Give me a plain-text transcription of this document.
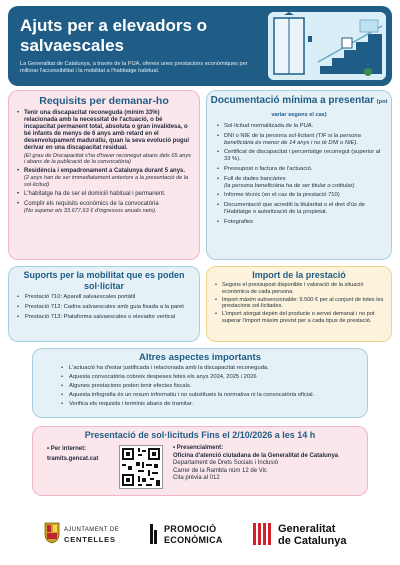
Ajuts per a elevadors o salvaescales
La Generalitat de Catalunya, a través de la PUA, ofereix unes prestacions econòmiques per millorar l'accessibilitat i la mobilitat a l'habitatge habitual.
Requisits per demanar-ho
• Tenir una discapacitat reconeguda (mínim 33%) relacionada amb la necessitat de l'actuació, o bé incapacitat permanent total, absoluta o gran invalidesa, o bé infants de menys de 6 anys amb retard en el desenvolupament maduratiu, quan la seva evolució pugui derivar en una discapacitat residual.
(El grau de Discapacitat s'ha d'haver reconegut abans dels 65 anys i abans de la publicació de la convocatòria)
• Residència i empadronament a Catalunya durant 5 anys.
(2 anys han de ser immediatament anteriors a la presentació de la sol·licitud)
• L'habitatge ha de ser el domicili habitual i permanent.
• Complir els requisits econòmics de la convocatòria
(No superar els 33.677,63 € d'ingressos anuals nets).
Documentació mínima a presentar (pot variar segons el cas)
• Sol·licitud normalitzada de la PUA.
• DNI o NIE de la persona sol·licitant (TIF si la persona beneficiària és menor de 14 anys i no té DNI o NIE).
• Certificat de discapacitat i percentatge reconegut (superior al 33 %).
• Pressupost o factura de l'actuació.
• Full de dades bancàries
(la persona beneficiària ha de ser titular o cotitular)
• Informe tècnic (en el cas de la prestació 710)
• Documentació que acrediti la titularitat o el dret d'ús de l'Habitatge o autorització de la propietat.
• Fotografies
Suports per la mobilitat que es poden sol·licitar
• Prestació 710: Aparell salvaescales portàtil
• Prestació 712: Cadira salvaescales amb guia fixada a la paret
• Prestació 713: Plataforma salvaescales o elevador vertical
Import de la prestació
• Segons el pressupost disponible i valoració de la situació econòmica de cada persona.
• Import màxim subvencionable: 9.500 € per al conjunt de totes les prestacions sol·licitades.
• L'import atorgat depèn del producte o servei demanat i no pot superar l'import màxim previst per a cada tipus de prestació.
Altres aspectes importants
• L'actuació ha d'estar justificada i relacionada amb la discapacitat reconeguda.
• Aquesta convocatòria cobreix despeses fetes els anys 2024, 2025 i 2026
• Algunes prestacions poden tenir efectes fiscals.
• Aquesta infografia és un resum informatiu i no substitueix la normativa ni la convocatòria oficial.
• Verifica els requisits i terminis abans de tramitar.
Presentació de sol·licituds Fins el 2/10/2026 a les 14 h
• Per internet:
tramits.gencat.cat
• Presencialment:
Oficina d'atenció ciutadana de la Generalitat de Catalunya
Departament de Drets Socials i Inclusió
Carrer de la Rambla núm 12 de Vic
Cita prèvia al 012
AJUNTAMENT DE
CENTELLES
PROMOCIÓ
ECONÒMICA
Generalitat
de Catalunya
